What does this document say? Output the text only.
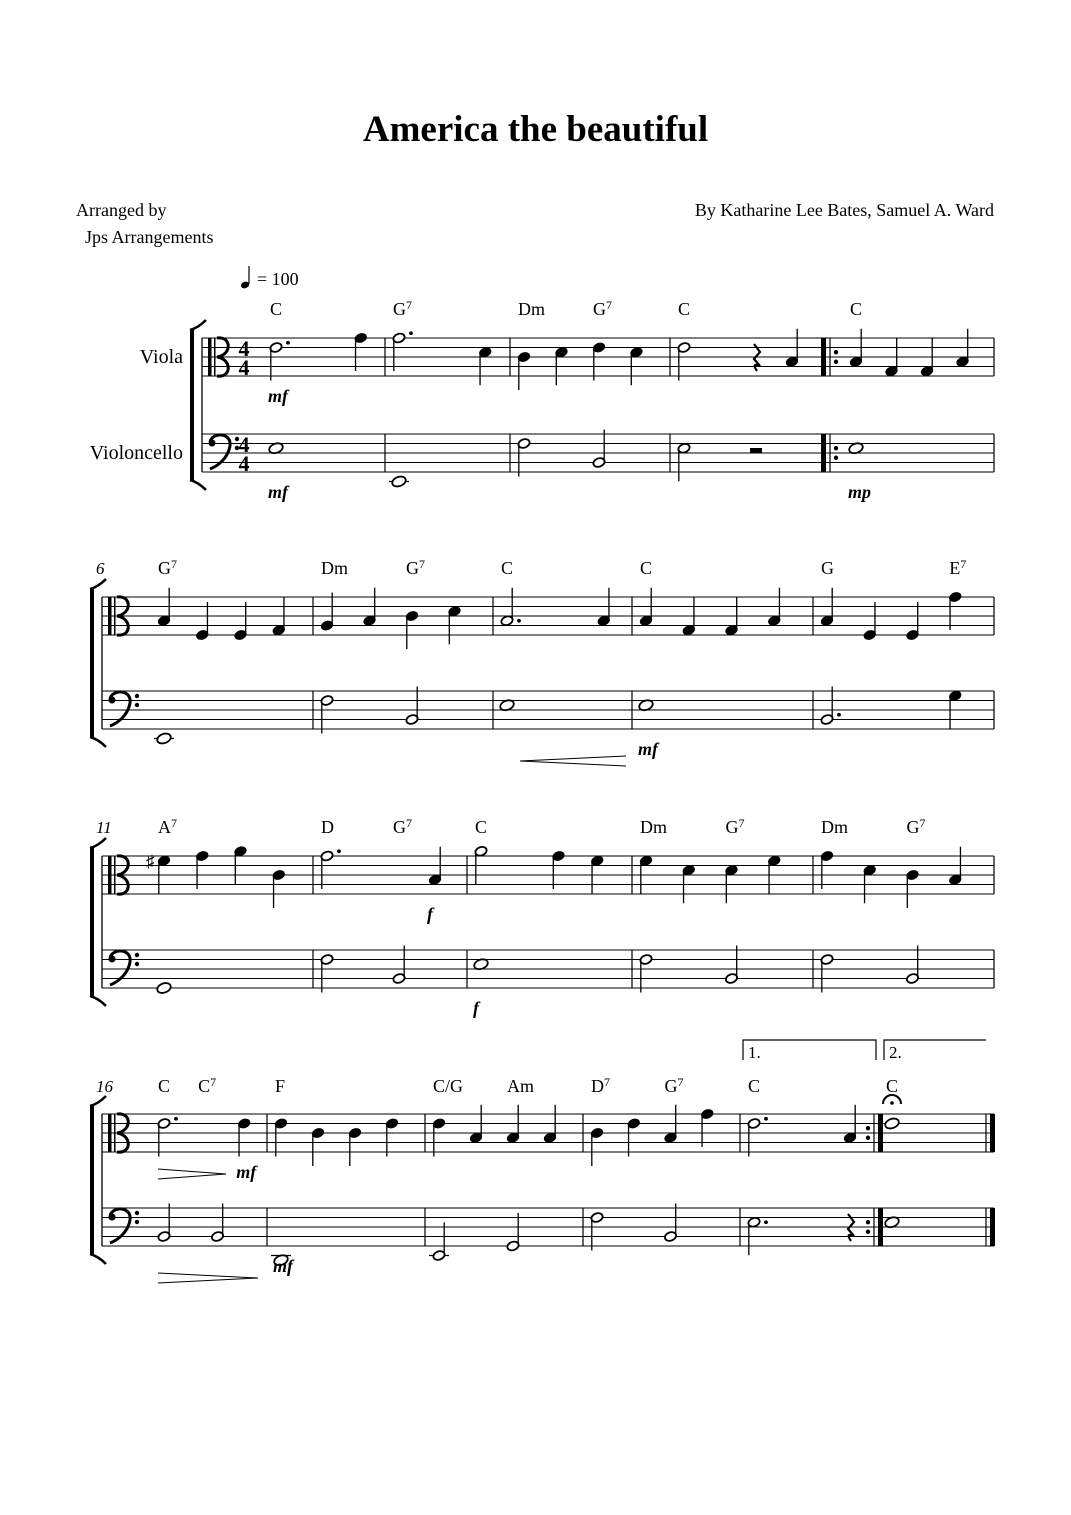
America the beautiful
Arranged by
Jps Arrangements
By Katharine Lee Bates, Samuel A. Ward
4
4
4
4
Viola
Violoncello
= 100
C
mf
mf
$G^7$	Dm	$G^7$	C	C
mp
6	$G^7$	Dm	$G^7$	C	C
mf
G	$E^7$
11
♯
$A^7$	D	$G^7$
f
C
f
Dm	$G^7$	Dm	$G^7$
16	C $C^7$
mf
F
mf
C/G Am	$D^7$	$G^7$	C	C
1.	2.
